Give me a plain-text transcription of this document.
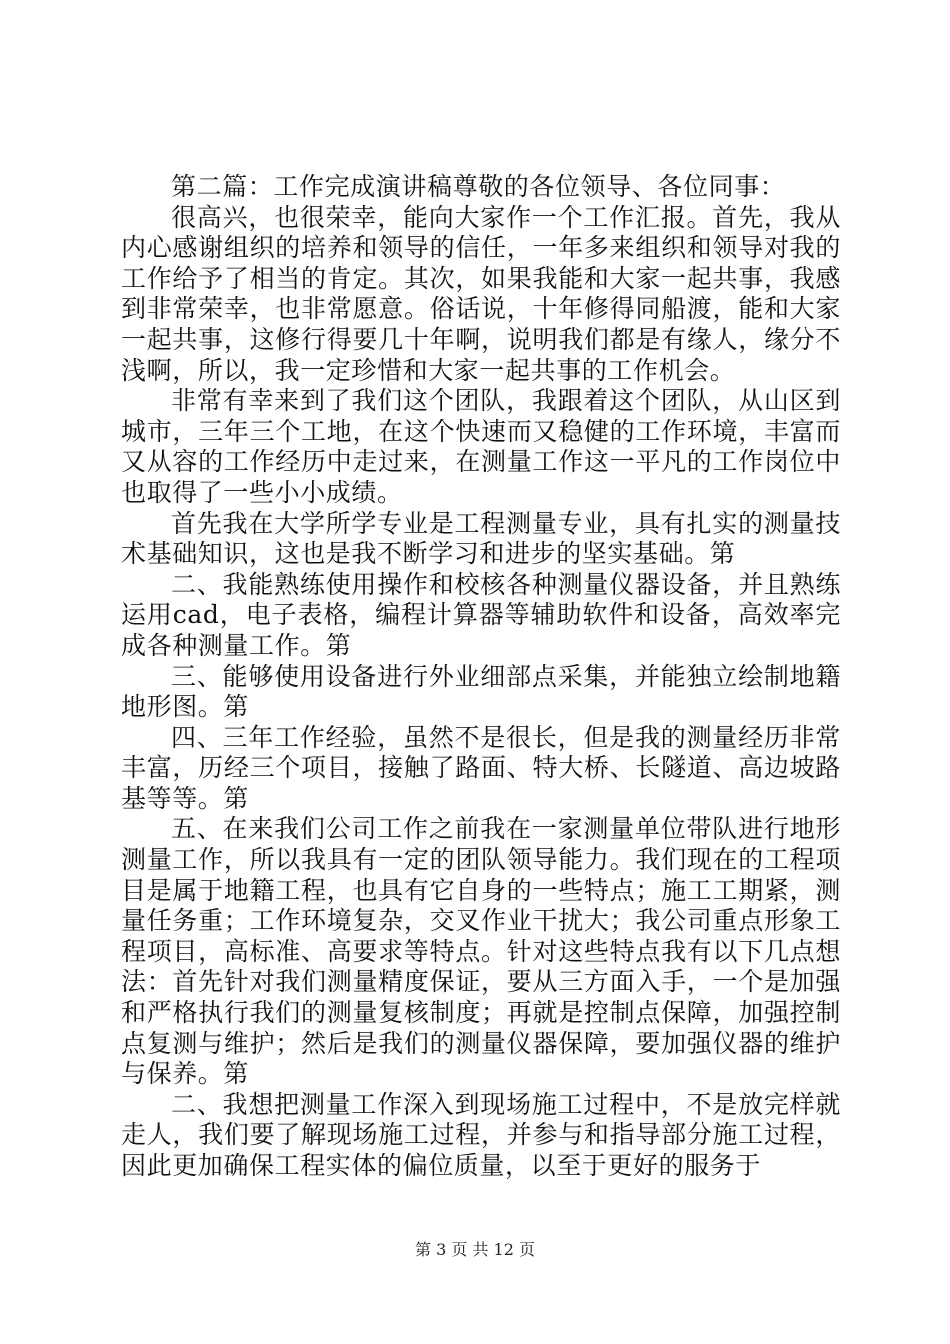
第二篇：工作完成演讲稿尊敬的各位领导、各位同事：

很高兴，也很荣幸，能向大家作一个工作汇报。首先，我从内心感谢组织的培养和领导的信任，一年多来组织和领导对我的工作给予了相当的肯定。其次，如果我能和大家一起共事，我感到非常荣幸，也非常愿意。俗话说，十年修得同船渡，能和大家一起共事，这修行得要几十年啊，说明我们都是有缘人，缘分不浅啊，所以，我一定珍惜和大家一起共事的工作机会。

非常有幸来到了我们这个团队，我跟着这个团队，从山区到城市，三年三个工地，在这个快速而又稳健的工作环境，丰富而又从容的工作经历中走过来，在测量工作这一平凡的工作岗位中也取得了一些小小成绩。

首先我在大学所学专业是工程测量专业，具有扎实的测量技术基础知识，这也是我不断学习和进步的坚实基础。第

二、我能熟练使用操作和校核各种测量仪器设备，并且熟练运用cad，电子表格，编程计算器等辅助软件和设备，高效率完成各种测量工作。第

三、能够使用设备进行外业细部点采集，并能独立绘制地籍地形图。第

四、三年工作经验，虽然不是很长，但是我的测量经历非常丰富，历经三个项目，接触了路面、特大桥、长隧道、高边坡路基等等。第

五、在来我们公司工作之前我在一家测量单位带队进行地形测量工作，所以我具有一定的团队领导能力。我们现在的工程项目是属于地籍工程，也具有它自身的一些特点；施工工期紧，测量任务重；工作环境复杂，交叉作业干扰大；我公司重点形象工程项目，高标准、高要求等特点。针对这些特点我有以下几点想法：首先针对我们测量精度保证，要从三方面入手，一个是加强和严格执行我们的测量复核制度；再就是控制点保障，加强控制点复测与维护；然后是我们的测量仪器保障，要加强仪器的维护与保养。第

二、我想把测量工作深入到现场施工过程中，不是放完样就走人，我们要了解现场施工过程，并参与和指导部分施工过程，因此更加确保工程实体的偏位质量，以至于更好的服务于

第 3 页 共 12 页
